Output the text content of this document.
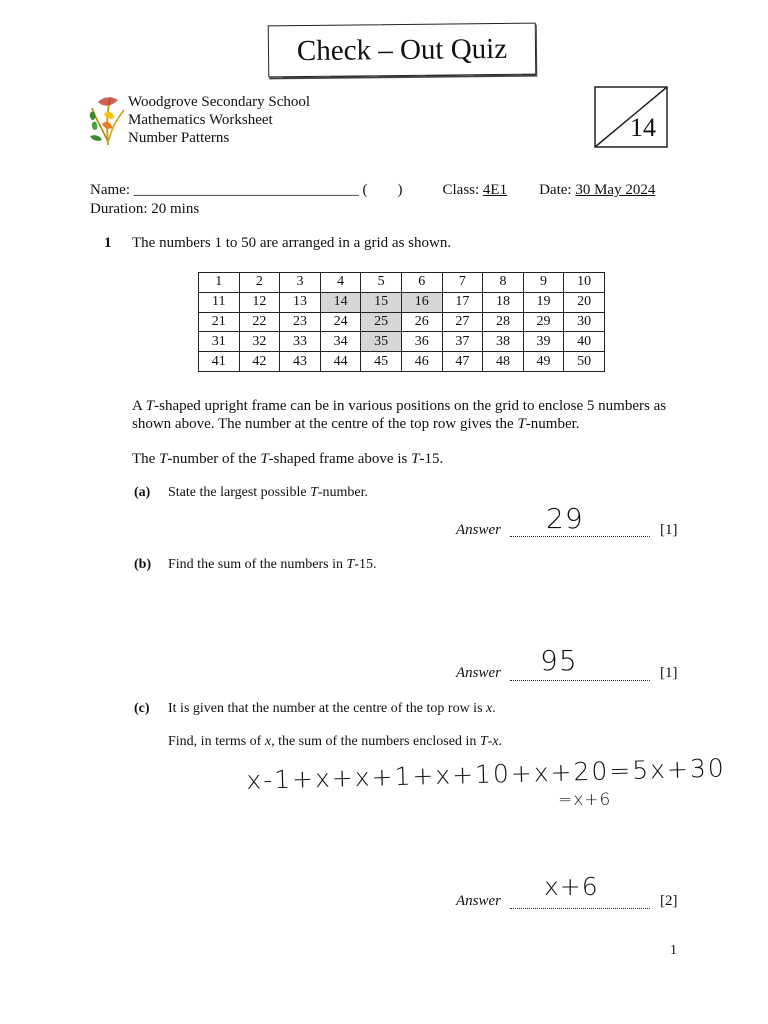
Check – Out Quiz
Woodgrove Secondary School
Mathematics Worksheet
Number Patterns	14
Name: ______________________________ (        )	Class: 4E1 Date: 30 May 2024
Duration: 20 mins
1 The numbers 1 to 50 are arranged in a grid as shown.
1	2	3	4	5	6	7	8	9	10
11	12	13	14	15	16	17	18	19	20
21	22	23	24	25	26	27	28	29	30
31	32	33	34	35	36	37	38	39	40
41	42	43	44	45	46	47	48	49	50
A T-shaped upright frame can be in various positions on the grid to enclose 5 numbers as shown above. The number at the centre of the top row gives the T-number.
The T-number of the T-shaped frame above is T-15.
(a) State the largest possible T-number.
Answer 29	[1]
(b) Find the sum of the numbers in T-15.
Answer 95	[1]
(c) It is given that the number at the centre of the top row is x.
Find, in terms of x, the sum of the numbers enclosed in T-x.
x-1+x+x+1+x+10+x+20=5x+30
=x+6
Answer x+6	[2]
1
